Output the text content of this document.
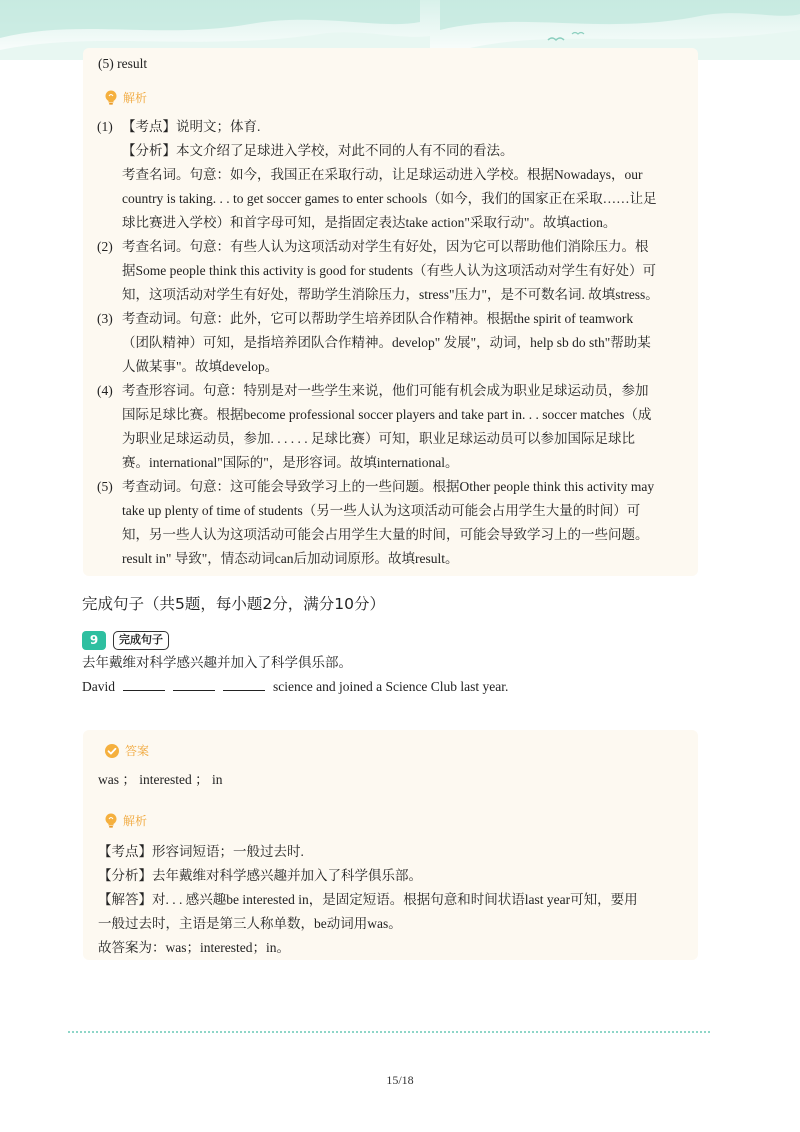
(5) result
解析
(1) 【考点】说明文；体育.
【分析】本文介绍了足球进入学校，对此不同的人有不同的看法。
考查名词。句意：如今，我国正在采取行动，让足球运动进入学校。根据Nowadays，our
country is taking. . . to get soccer games to enter schools（如今，我们的国家正在采取……让足
球比赛进入学校）和首字母可知，是指固定表达take action"采取行动"。故填action。
(2) 考查名词。句意：有些人认为这项活动对学生有好处，因为它可以帮助他们消除压力。根
据Some people think this activity is good for students（有些人认为这项活动对学生有好处）可
知，这项活动对学生有好处，帮助学生消除压力，stress"压力"，是不可数名词. 故填stress。
(3) 考查动词。句意：此外，它可以帮助学生培养团队合作精神。根据the spirit of teamwork
（团队精神）可知，是指培养团队合作精神。develop" 发展"，动词，help sb do sth"帮助某
人做某事"。故填develop。
(4) 考查形容词。句意：特别是对一些学生来说，他们可能有机会成为职业足球运动员，参加
国际足球比赛。根据become professional soccer players and take part in. . . soccer matches（成
为职业足球运动员，参加. . . . . . 足球比赛）可知，职业足球运动员可以参加国际足球比
赛。international"国际的"，是形容词。故填international。
(5) 考查动词。句意：这可能会导致学习上的一些问题。根据Other people think this activity may
take up plenty of time of students（另一些人认为这项活动可能会占用学生大量的时间）可
知，另一些人认为这项活动可能会占用学生大量的时间，可能会导致学习上的一些问题。
result in" 导致"，情态动词can后加动词原形。故填result。
完成句子（共5题，每小题2分，满分10分）
9	完成句子
去年戴维对科学感兴趣并加入了科学俱乐部。
David	science and joined a Science Club last year.
答案
was ； interested ； in
解析
【考点】形容词短语；一般过去时.
【分析】去年戴维对科学感兴趣并加入了科学俱乐部。
【解答】对. . . 感兴趣be interested in，是固定短语。根据句意和时间状语last year可知，要用
一般过去时，主语是第三人称单数，be动词用was。
故答案为：was；interested；in。
15/18
